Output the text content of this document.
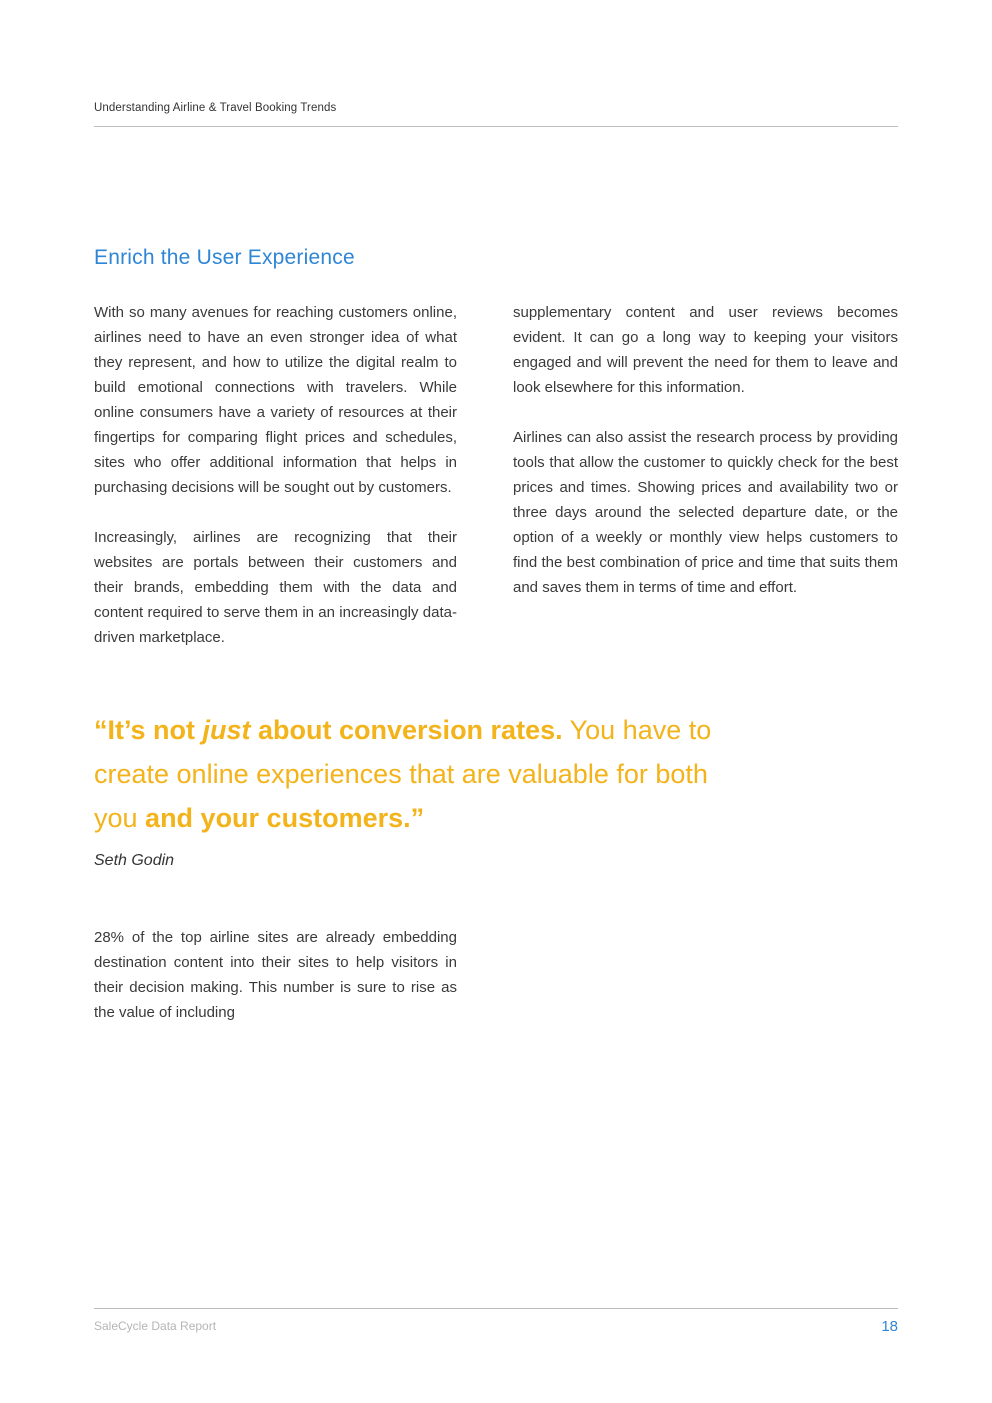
Understanding Airline & Travel Booking Trends
Enrich the User Experience

With so many avenues for reaching customers online, airlines need to have an even stronger idea of what they represent, and how to utilize the digital realm to build emotional connections with travelers. While online consumers have a variety of resources at their fingertips for comparing flight prices and schedules, sites who offer additional information that helps in purchasing decisions will be sought out by customers.

Increasingly, airlines are recognizing that their websites are portals between their customers and their brands, embedding them with the data and content required to serve them in an increasingly data-driven marketplace.

supplementary content and user reviews becomes evident. It can go a long way to keeping your visitors engaged and will prevent the need for them to leave and look elsewhere for this information.

Airlines can also assist the research process by providing tools that allow the customer to quickly check for the best prices and times. Showing prices and availability two or three days around the selected departure date, or the option of a weekly or monthly view helps customers to find the best combination of price and time that suits them and saves them in terms of time and effort.

“It’s not just about conversion rates. You have to create online experiences that are valuable for both you and your customers.”

Seth Godin

28% of the top airline sites are already embedding destination content into their sites to help visitors in their decision making. This number is sure to rise as the value of including

SaleCycle Data Report	18
